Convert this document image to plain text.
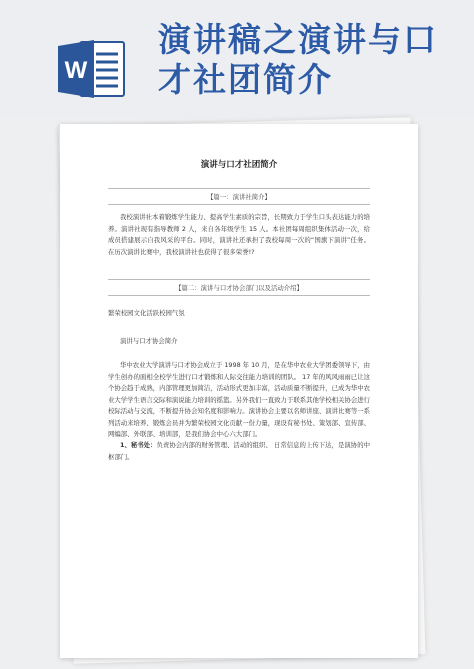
W
演讲稿之演讲与口
才社团简介
演讲与口才社团简介
【篇一：演讲社简介】
我校演讲社本着锻炼学生能力、提高学生素质的宗旨，长期致力于学生口头表达能力的培养。演讲社现有指导教师 2 人，来自各年级学生 15 人。本社团每周组织集体活动一次，给成员搭建展示自我风采的平台。同时，演讲社还承担了我校每周一次的“国旗下演讲”任务。在历次演讲比赛中，我校演讲社也获得了很多荣誉!?
【篇二：演讲与口才协会部门以及活动介绍】
繁荣校园文化活跃校园气氛
演讲与口才协会简介
华中农业大学演讲与口才协会成立于 1998 年 10 月，是在华中农业大学团委领导下，由学生创办的面相全校学生进行口才锻炼和人际交往能力培训的团队。 17 年的风风雨雨已让这个协会趋于成熟，内部管理更加简洁，活动形式更加丰富，活动质量不断提升，已成为华中农业大学学生语言交际和演说能力培训的摇篮。另外我们一直致力于联系其他学校相关协会进行校际活动与交流，不断提升协会知名度和影响力。演讲协会主要以名师讲座、演讲比赛等一系列活动来培养、锻炼会员并为繁荣校园文化贡献一份力量，现设有秘书处、策划部、宣传部、网编部、外联部、培训部，是我们协会中心六大部门。
1、秘书处：负责协会内部的财务管理、活动的组织、 日常信息的上传下达，是演协的中枢部门。
